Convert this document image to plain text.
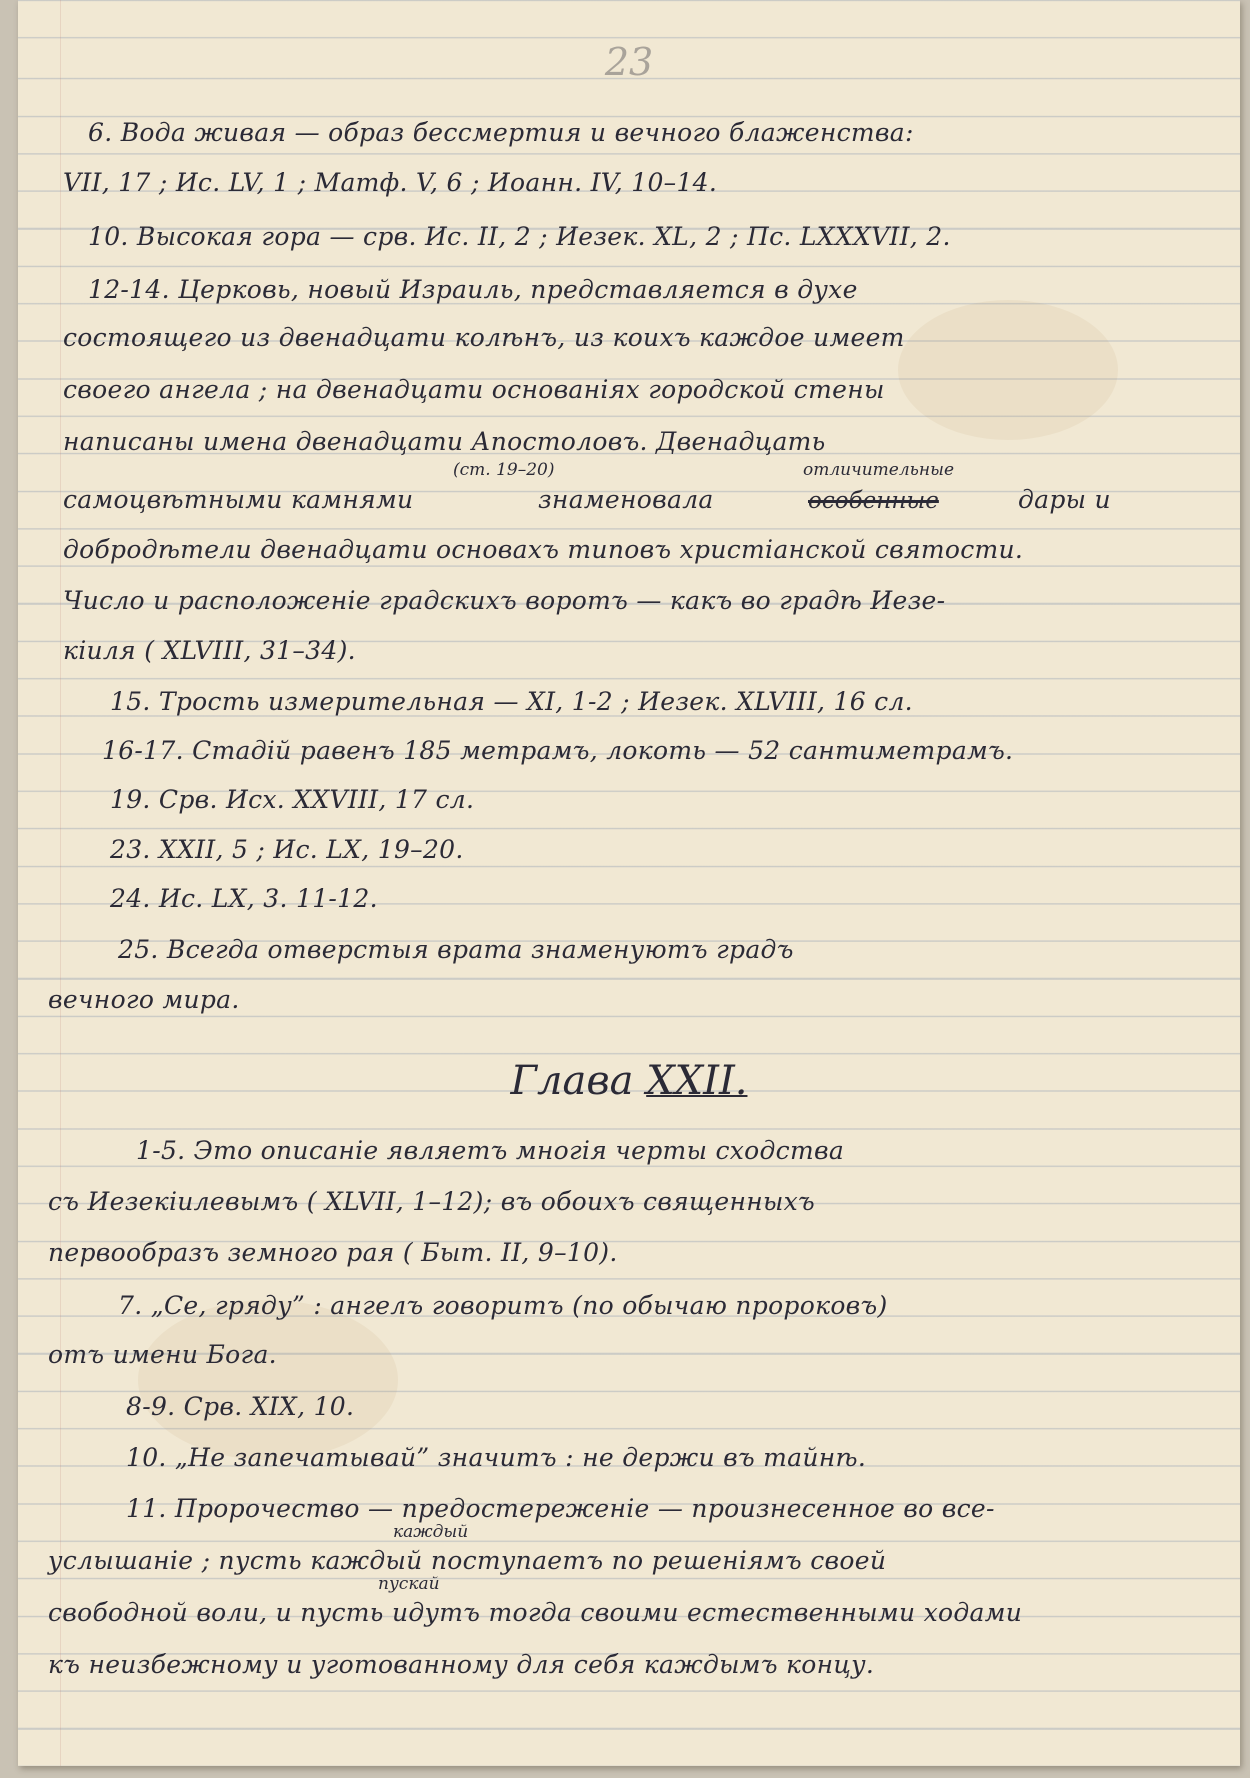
23
6. Вода живая — образ бессмертия и вечного блаженства:
VII, 17 ; Ис. LV, 1 ; Матф. V, 6 ; Иоанн. IV, 10–14.
10. Высокая гора — срв. Ис. II, 2 ; Иезек. XL, 2 ; Пс. LXXXVII, 2.
12-14. Церковь, новый Израиль, представляется в духе
состоящего из двенадцати колѣнъ, из коихъ каждое имеет
своего ангела ; на двенадцати основаніях городской стены
написаны имена двенадцати Апостоловъ. Двенадцать
(ст. 19–20)	отличительные
самоцвѣтными камнями	знаменовала	особенные	дары и
добродѣтели двенадцати основахъ типовъ христіанской святости.
Число и расположеніе градскихъ воротъ — какъ во градѣ Иезе-
кіиля ( XLVIII, 31–34).
15. Трость измерительная — XI, 1-2 ; Иезек. XLVIII, 16 сл.
16-17. Стадій равенъ 185 метрамъ, локоть — 52 сантиметрамъ.
19. Срв. Исх. XXVIII, 17 сл.
23. XXII, 5 ; Ис. LX, 19–20.
24. Ис. LX, 3. 11-12.
25. Всегда отверстыя врата знаменуютъ градъ
вечного мира.
Глава XXII.
1-5. Это описаніе являетъ многія черты сходства
съ Иезекіилевымъ ( XLVII, 1–12); въ обоихъ священныхъ
первообразъ земного рая ( Быт. II, 9–10).
7. „Се, гряду” : ангелъ говоритъ (по обычаю пророковъ)
отъ имени Бога.
8-9. Срв. XIX, 10.
10. „Не запечатывай” значитъ : не держи въ тайнѣ.
11. Пророчество — предостереженіе — произнесенное во все-
каждый
услышаніе ; пусть каждый поступаетъ по решеніямъ своей
пускай
свободной воли, и пусть идутъ тогда своими естественными ходами
къ неизбежному и уготованному для себя каждымъ концу.
